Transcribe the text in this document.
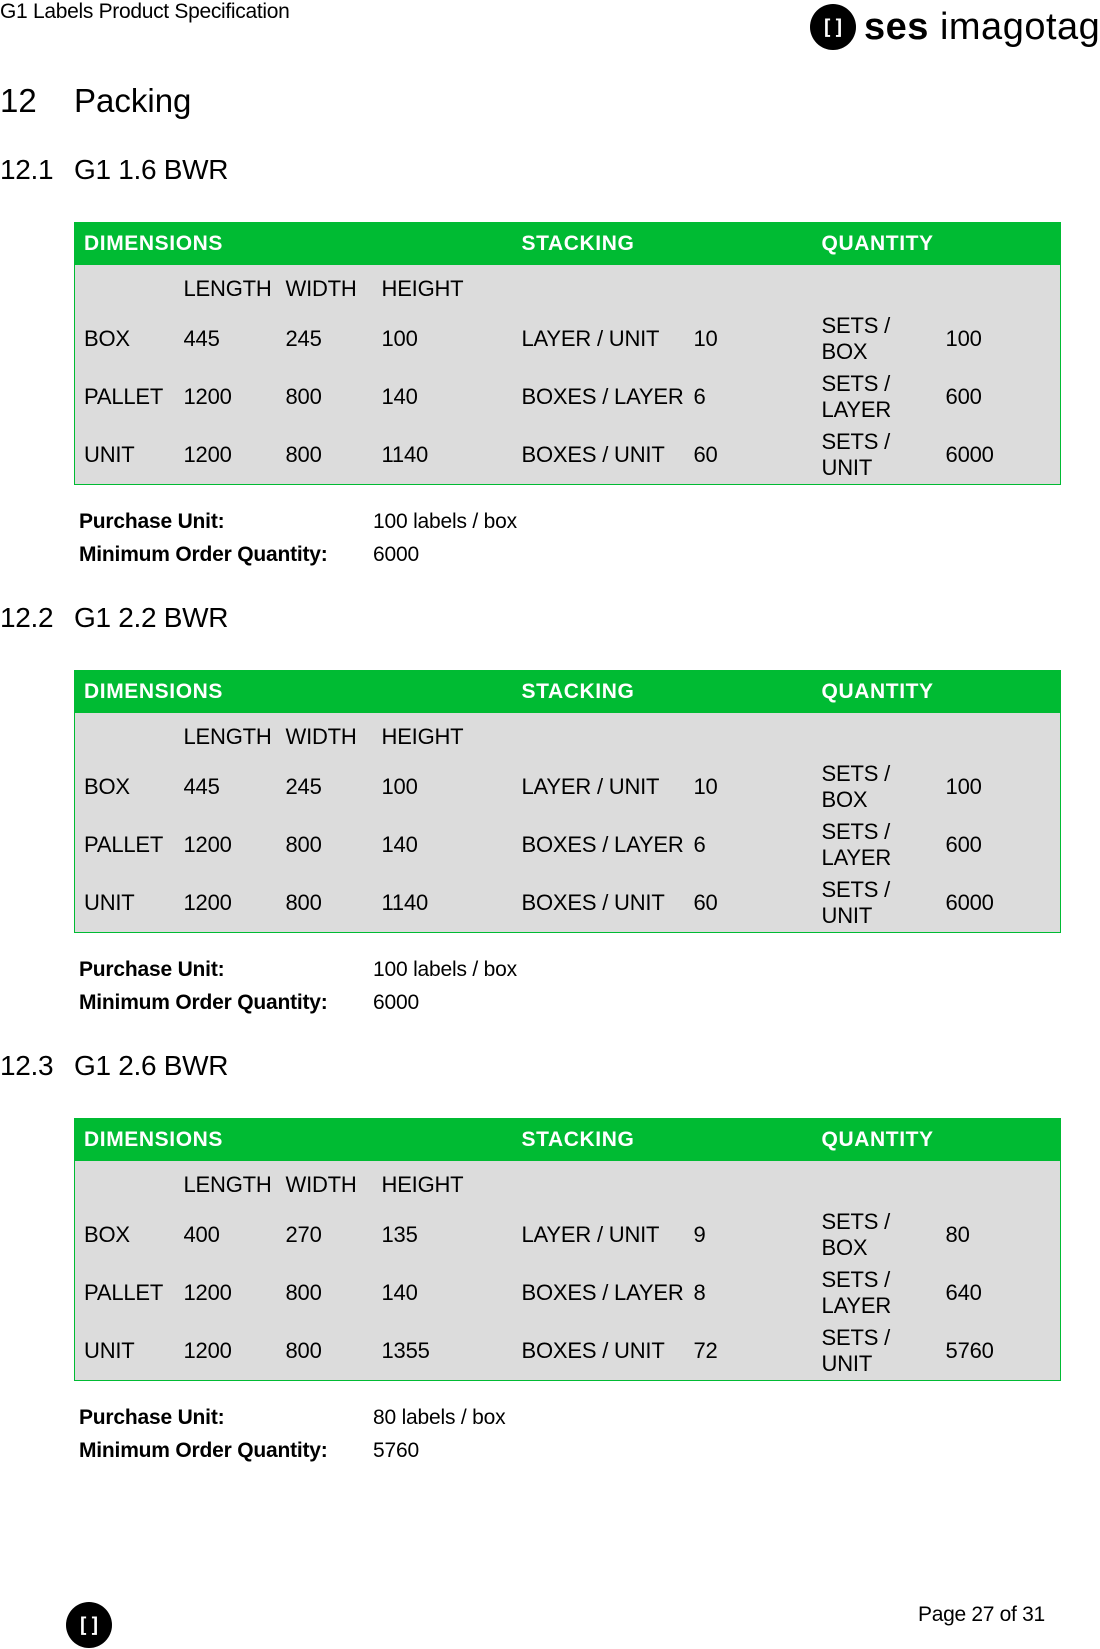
G1 Labels Product Specification
[] ses imagotag
12	Packing
12.1 G1 1.6 BWR
DIMENSIONS				STACKING		QUANTITY	
	LENGTH	WIDTH	HEIGHT				
BOX	445	245	100	LAYER / UNIT	10	SETS / BOX	100
PALLET	1200	800	140	BOXES / LAYER	6	SETS / LAYER	600
UNIT	1200	800	1140	BOXES / UNIT	60	SETS / UNIT	6000
Purchase Unit:	100 labels / box
Minimum Order Quantity:	6000
12.2 G1 2.2 BWR
DIMENSIONS				STACKING		QUANTITY	
	LENGTH	WIDTH	HEIGHT				
BOX	445	245	100	LAYER / UNIT	10	SETS / BOX	100
PALLET	1200	800	140	BOXES / LAYER	6	SETS / LAYER	600
UNIT	1200	800	1140	BOXES / UNIT	60	SETS / UNIT	6000
Purchase Unit:	100 labels / box
Minimum Order Quantity:	6000
12.3 G1 2.6 BWR
DIMENSIONS				STACKING		QUANTITY	
	LENGTH	WIDTH	HEIGHT				
BOX	400	270	135	LAYER / UNIT	9	SETS / BOX	80
PALLET	1200	800	140	BOXES / LAYER	8	SETS / LAYER	640
UNIT	1200	800	1355	BOXES / UNIT	72	SETS / UNIT	5760
Purchase Unit:	80 labels / box
Minimum Order Quantity:	5760
[]	Page 27 of 31
